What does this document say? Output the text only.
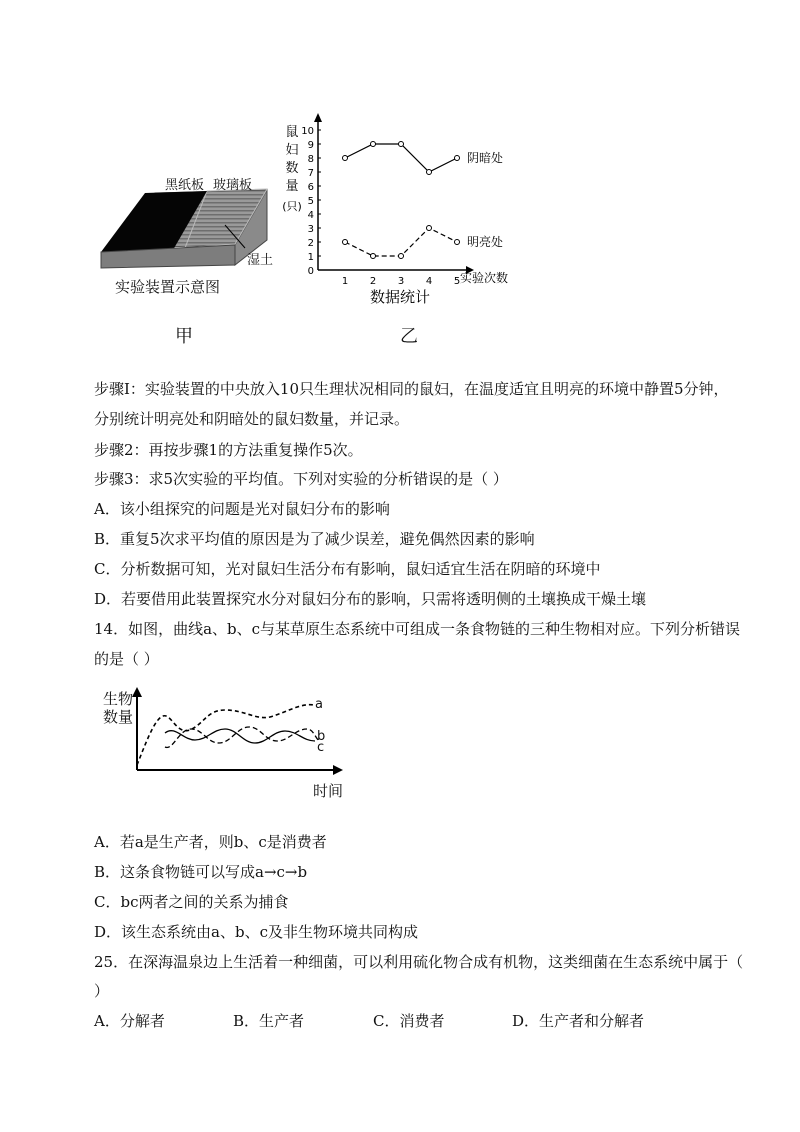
黑纸板 玻璃板
湿土
实验装置示意图
甲
0
1
2
3
4
5
6
7
8
9
10
1 2 3 4 5
鼠
妇
数
量
(只)
实验次数
数据统计
阴暗处
明亮处
乙
步骤I：实验装置的中央放入10只生理状况相同的鼠妇，在温度适宜且明亮的环境中静置5分钟，
分别统计明亮处和阴暗处的鼠妇数量，并记录。
步骤2：再按步骤1的方法重复操作5次。
步骤3：求5次实验的平均值。下列对实验的分析错误的是（ ）
A．该小组探究的问题是光对鼠妇分布的影响
B．重复5次求平均值的原因是为了减少误差，避免偶然因素的影响
C．分析数据可知，光对鼠妇生活分布有影响，鼠妇适宜生活在阴暗的环境中
D．若要借用此装置探究水分对鼠妇分布的影响，只需将透明侧的土壤换成干燥土壤
14．如图，曲线a、b、c与某草原生态系统中可组成一条食物链的三种生物相对应。下列分析错误
的是（ ）
生物
数量
时间
a
b
c
A．若a是生产者，则b、c是消费者
B．这条食物链可以写成a→c→b
C．bc两者之间的关系为捕食
D．该生态系统由a、b、c及非生物环境共同构成
25．在深海温泉边上生活着一种细菌，可以利用硫化物合成有机物，这类细菌在生态系统中属于（
）
A．分解者	B．生产者	C．消费者	D．生产者和分解者
